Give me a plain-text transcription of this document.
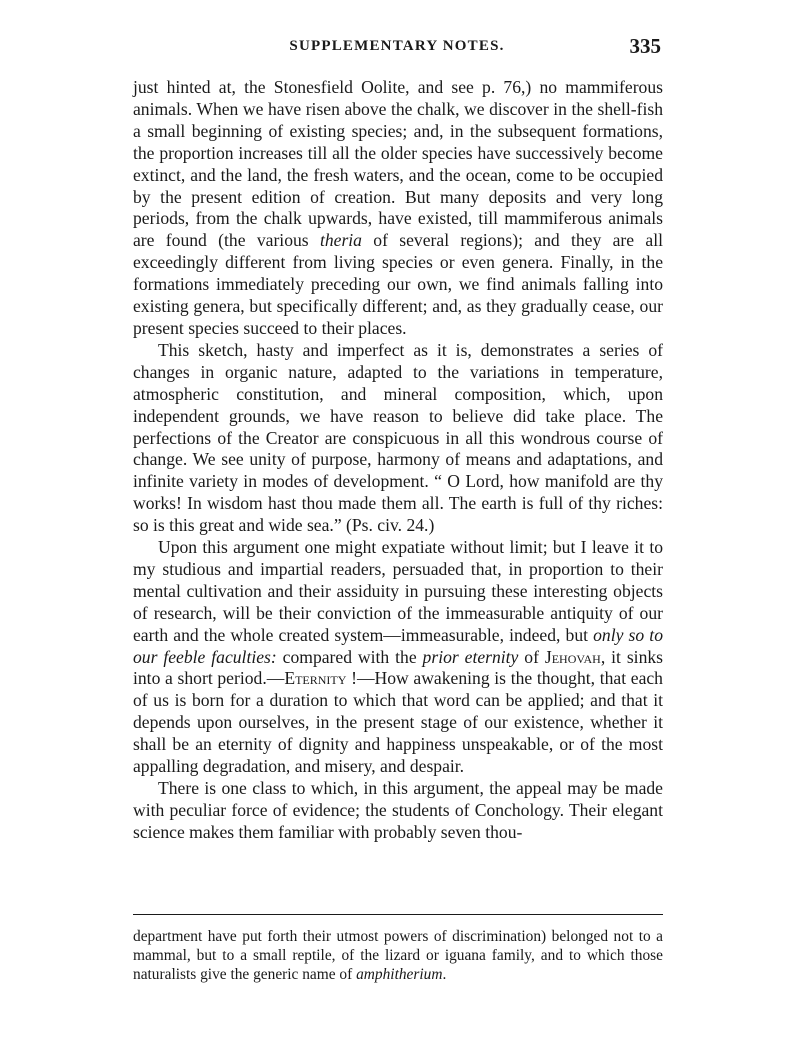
SUPPLEMENTARY NOTES.	335

just hinted at, the Stonesfield Oolite, and see p. 76,) no mammiferous animals. When we have risen above the chalk, we discover in the shell-fish a small beginning of existing species; and, in the subsequent formations, the proportion increases till all the older species have successively become extinct, and the land, the fresh waters, and the ocean, come to be occupied by the present edition of creation. But many deposits and very long periods, from the chalk upwards, have existed, till mammiferous animals are found (the various theria of several regions); and they are all exceedingly different from living species or even genera. Finally, in the formations immediately preceding our own, we find animals falling into existing genera, but specifically different; and, as they gradually cease, our present species succeed to their places.

This sketch, hasty and imperfect as it is, demonstrates a series of changes in organic nature, adapted to the variations in temperature, atmospheric constitution, and mineral composition, which, upon independent grounds, we have reason to believe did take place. The perfections of the Creator are conspicuous in all this wondrous course of change. We see unity of purpose, harmony of means and adaptations, and infinite variety in modes of development. “ O Lord, how manifold are thy works! In wisdom hast thou made them all. The earth is full of thy riches: so is this great and wide sea.” (Ps. civ. 24.)

Upon this argument one might expatiate without limit; but I leave it to my studious and impartial readers, persuaded that, in proportion to their mental cultivation and their assiduity in pursuing these interesting objects of research, will be their conviction of the immeasurable antiquity of our earth and the whole created system—immeasurable, indeed, but only so to our feeble faculties: compared with the prior eternity of Jehovah, it sinks into a short period.—Eternity !—How awakening is the thought, that each of us is born for a duration to which that word can be applied; and that it depends upon ourselves, in the present stage of our existence, whether it shall be an eternity of dignity and happiness unspeakable, or of the most appalling degradation, and misery, and despair.

There is one class to which, in this argument, the appeal may be made with peculiar force of evidence; the students of Conchology. Their elegant science makes them familiar with probably seven thou-

department have put forth their utmost powers of discrimination) belonged not to a mammal, but to a small reptile, of the lizard or iguana family, and to which those naturalists give the generic name of amphitherium.
